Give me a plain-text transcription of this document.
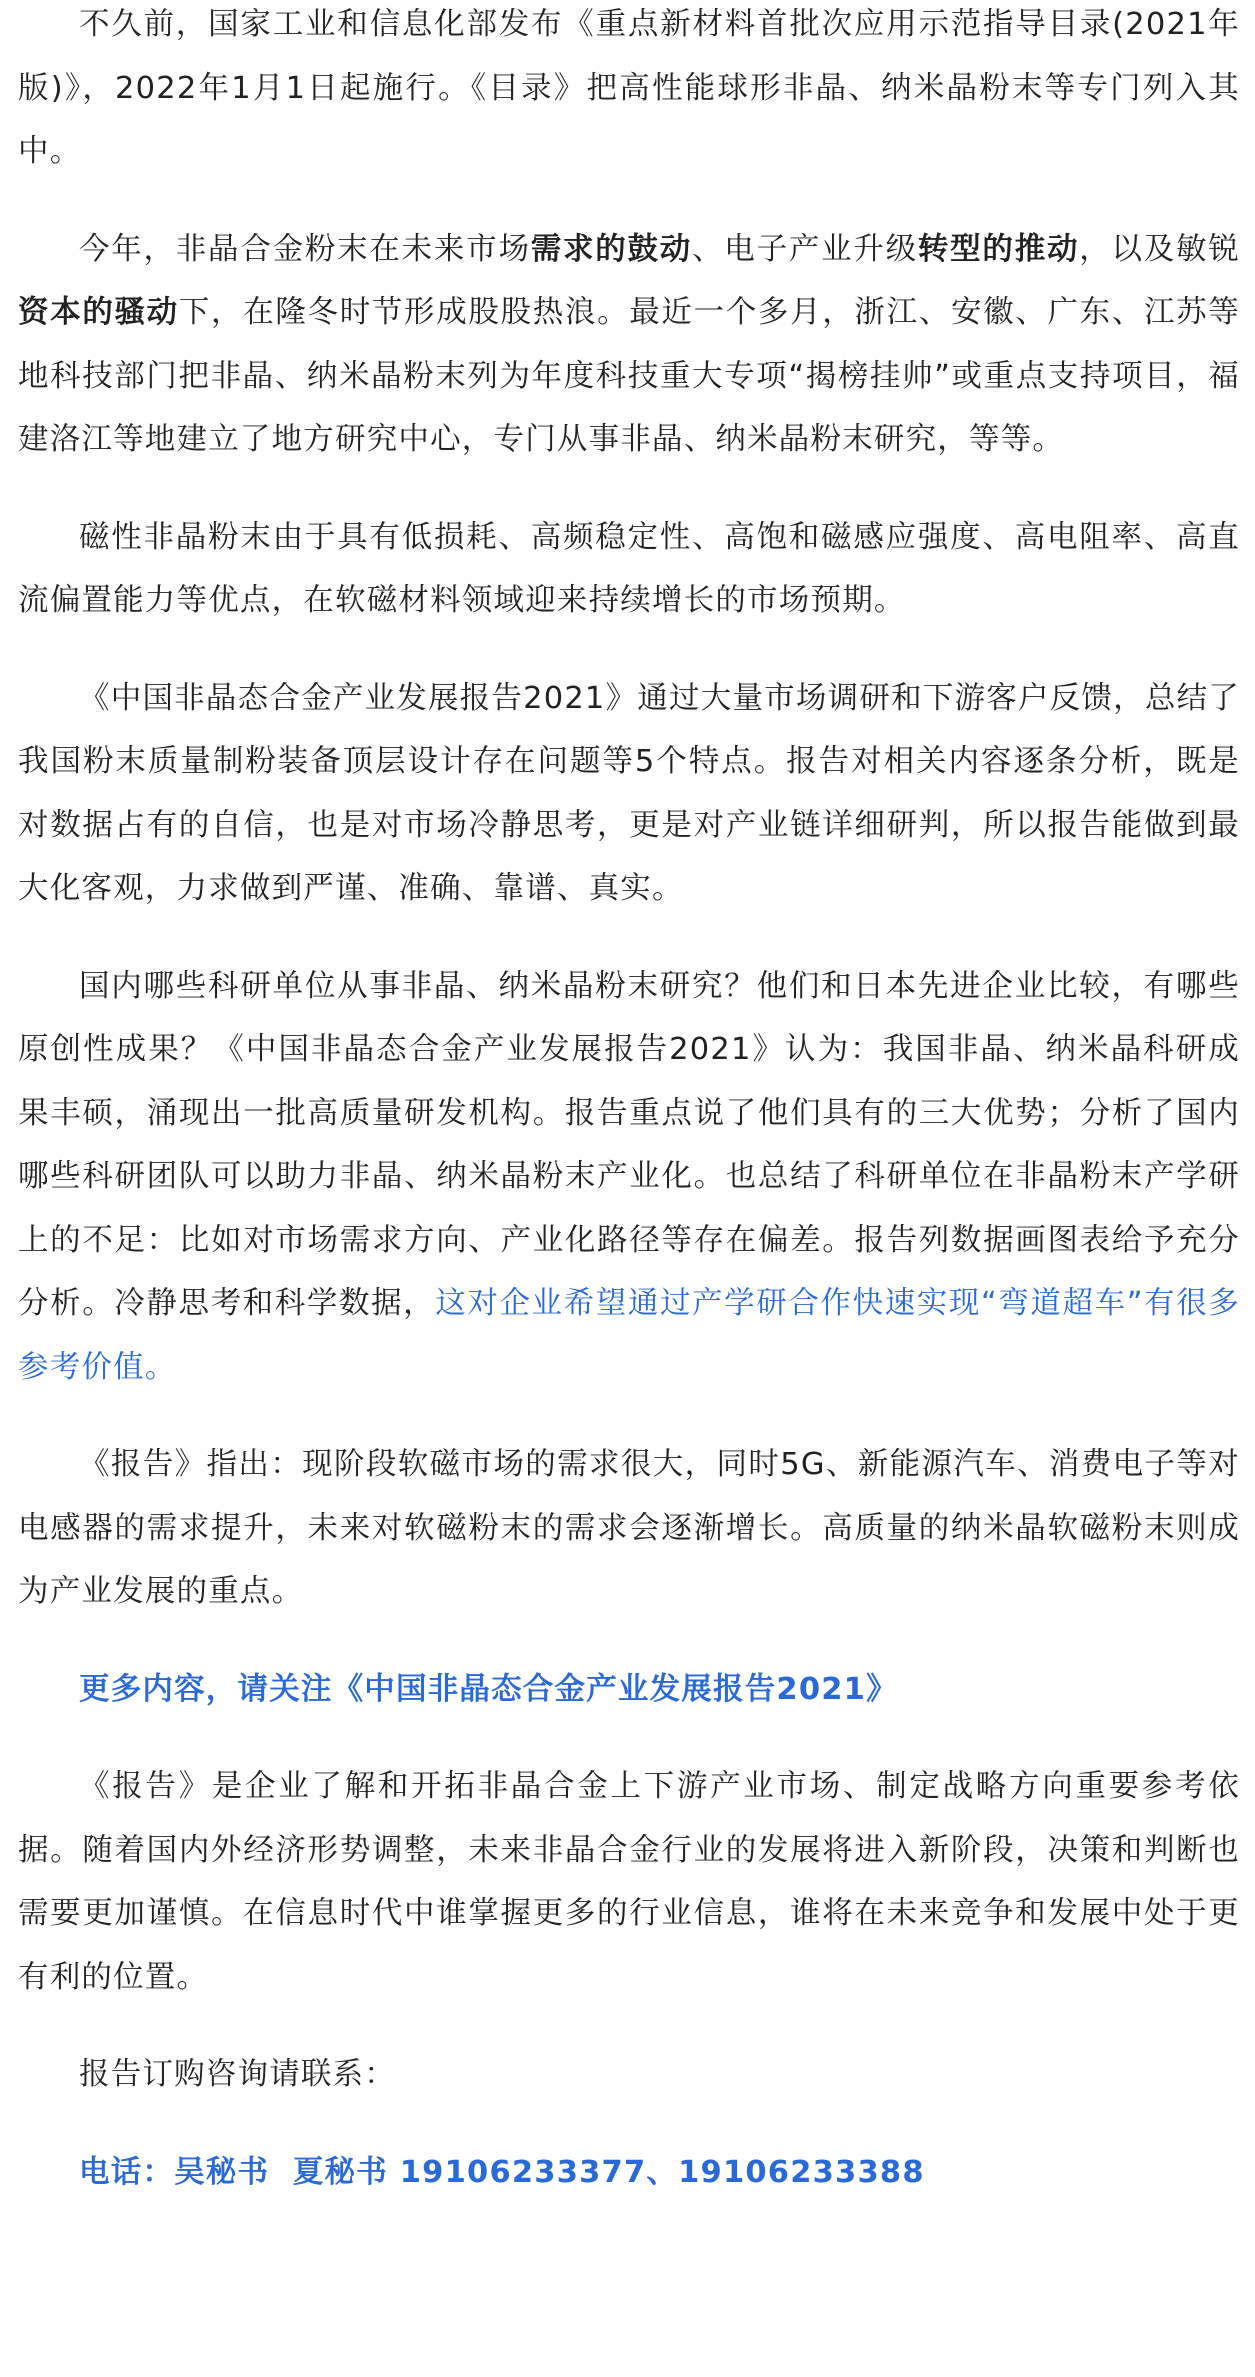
不久前，国家工业和信息化部发布《重点新材料首批次应用示范指导目录(2021年版)》，2022年1月1日起施行。《目录》把高性能球形非晶、纳米晶粉末等专门列入其中。

今年，非晶合金粉末在未来市场需求的鼓动、电子产业升级转型的推动，以及敏锐资本的骚动下，在隆冬时节形成股股热浪。最近一个多月，浙江、安徽、广东、江苏等地科技部门把非晶、纳米晶粉末列为年度科技重大专项“揭榜挂帅”或重点支持项目，福建洛江等地建立了地方研究中心，专门从事非晶、纳米晶粉末研究，等等。

磁性非晶粉末由于具有低损耗、高频稳定性、高饱和磁感应强度、高电阻率、高直流偏置能力等优点，在软磁材料领域迎来持续增长的市场预期。

《中国非晶态合金产业发展报告2021》通过大量市场调研和下游客户反馈，总结了我国粉末质量制粉装备顶层设计存在问题等5个特点。报告对相关内容逐条分析，既是对数据占有的自信，也是对市场冷静思考，更是对产业链详细研判，所以报告能做到最大化客观，力求做到严谨、准确、靠谱、真实。

国内哪些科研单位从事非晶、纳米晶粉末研究？他们和日本先进企业比较，有哪些原创性成果？《中国非晶态合金产业发展报告2021》认为：我国非晶、纳米晶科研成果丰硕，涌现出一批高质量研发机构。报告重点说了他们具有的三大优势；分析了国内哪些科研团队可以助力非晶、纳米晶粉末产业化。也总结了科研单位在非晶粉末产学研上的不足：比如对市场需求方向、产业化路径等存在偏差。报告列数据画图表给予充分分析。冷静思考和科学数据，这对企业希望通过产学研合作快速实现“弯道超车”有很多参考价值。

《报告》指出：现阶段软磁市场的需求很大，同时5G、新能源汽车、消费电子等对电感器的需求提升，未来对软磁粉末的需求会逐渐增长。高质量的纳米晶软磁粉末则成为产业发展的重点。

更多内容，请关注《中国非晶态合金产业发展报告2021》

《报告》是企业了解和开拓非晶合金上下游产业市场、制定战略方向重要参考依据。随着国内外经济形势调整，未来非晶合金行业的发展将进入新阶段，决策和判断也需要更加谨慎。在信息时代中谁掌握更多的行业信息，谁将在未来竞争和发展中处于更有利的位置。

报告订购咨询请联系：

电话：吴秘书  夏秘书 19106233377、19106233388
